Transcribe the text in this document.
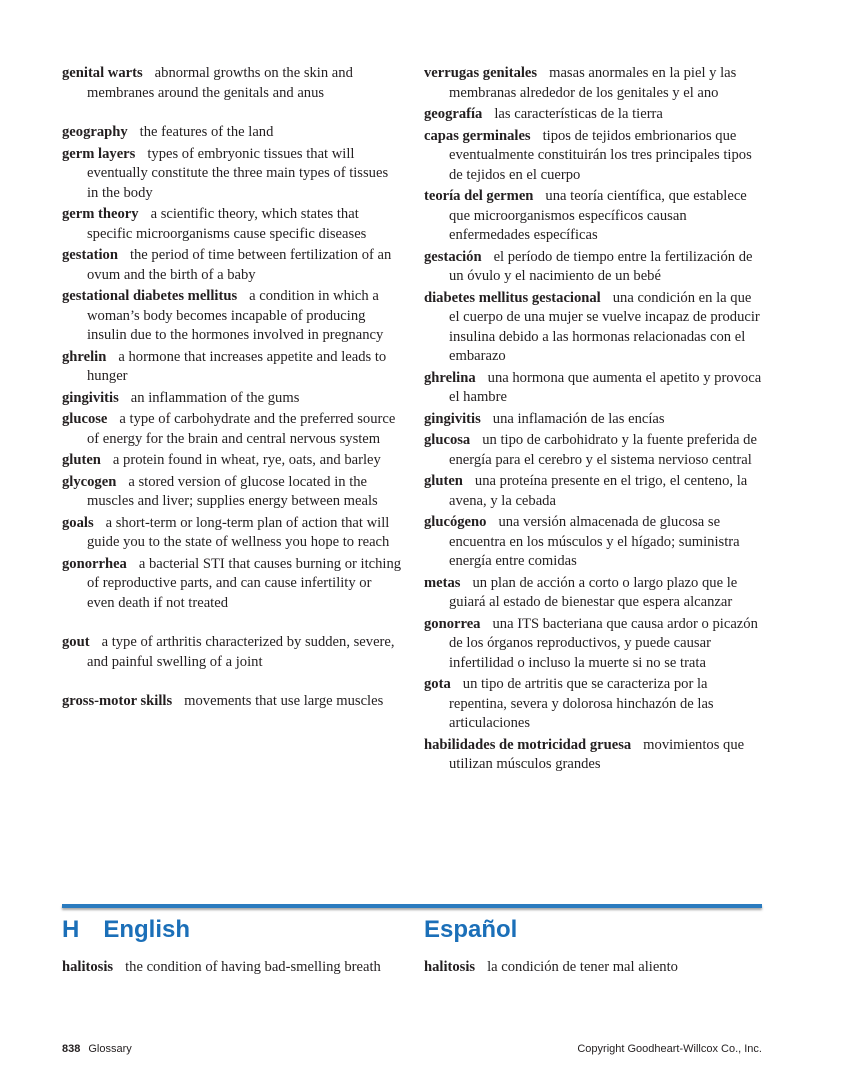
genital warts abnormal growths on the skin and membranes around the genitals and anus
geography the features of the land
germ layers types of embryonic tissues that will eventually constitute the three main types of tissues in the body
germ theory a scientific theory, which states that specific microorganisms cause specific diseases
gestation the period of time between fertilization of an ovum and the birth of a baby
gestational diabetes mellitus a condition in which a woman’s body becomes incapable of producing insulin due to the hormones involved in pregnancy
ghrelin a hormone that increases appetite and leads to hunger
gingivitis an inflammation of the gums
glucose a type of carbohydrate and the preferred source of energy for the brain and central nervous system
gluten a protein found in wheat, rye, oats, and barley
glycogen a stored version of glucose located in the muscles and liver; supplies energy between meals
goals a short-term or long-term plan of action that will guide you to the state of wellness you hope to reach
gonorrhea a bacterial STI that causes burning or itching of reproductive parts, and can cause infertility or even death if not treated
gout a type of arthritis characterized by sudden, severe, and painful swelling of a joint
gross-motor skills movements that use large muscles
verrugas genitales masas anormales en la piel y las membranas alrededor de los genitales y el ano
geografía las características de la tierra
capas germinales tipos de tejidos embrionarios que eventualmente constituirán los tres principales tipos de tejidos en el cuerpo
teoría del germen una teoría científica, que establece que microorganismos específicos causan enfermedades específicas
gestación el período de tiempo entre la fertilización de un óvulo y el nacimiento de un bebé
diabetes mellitus gestacional una condición en la que el cuerpo de una mujer se vuelve incapaz de producir insulina debido a las hormonas relacionadas con el embarazo
ghrelina una hormona que aumenta el apetito y provoca el hambre
gingivitis una inflamación de las encías
glucosa un tipo de carbohidrato y la fuente preferida de energía para el cerebro y el sistema nervioso central
gluten una proteína presente en el trigo, el centeno, la avena, y la cebada
glucógeno una versión almacenada de glucosa se encuentra en los músculos y el hígado; suministra energía entre comidas
metas un plan de acción a corto o largo plazo que le guiará al estado de bienestar que espera alcanzar
gonorrea una ITS bacteriana que causa ardor o picazón de los órganos reproductivos, y puede causar infertilidad o incluso la muerte si no se trata
gota un tipo de artritis que se caracteriza por la repentina, severa y dolorosa hinchazón de las articulaciones
habilidades de motricidad gruesa movimientos que utilizan músculos grandes
H English	Español
halitosis the condition of having bad-smelling breath	halitosis la condición de tener mal aliento
838 Glossary	Copyright Goodheart-Willcox Co., Inc.
